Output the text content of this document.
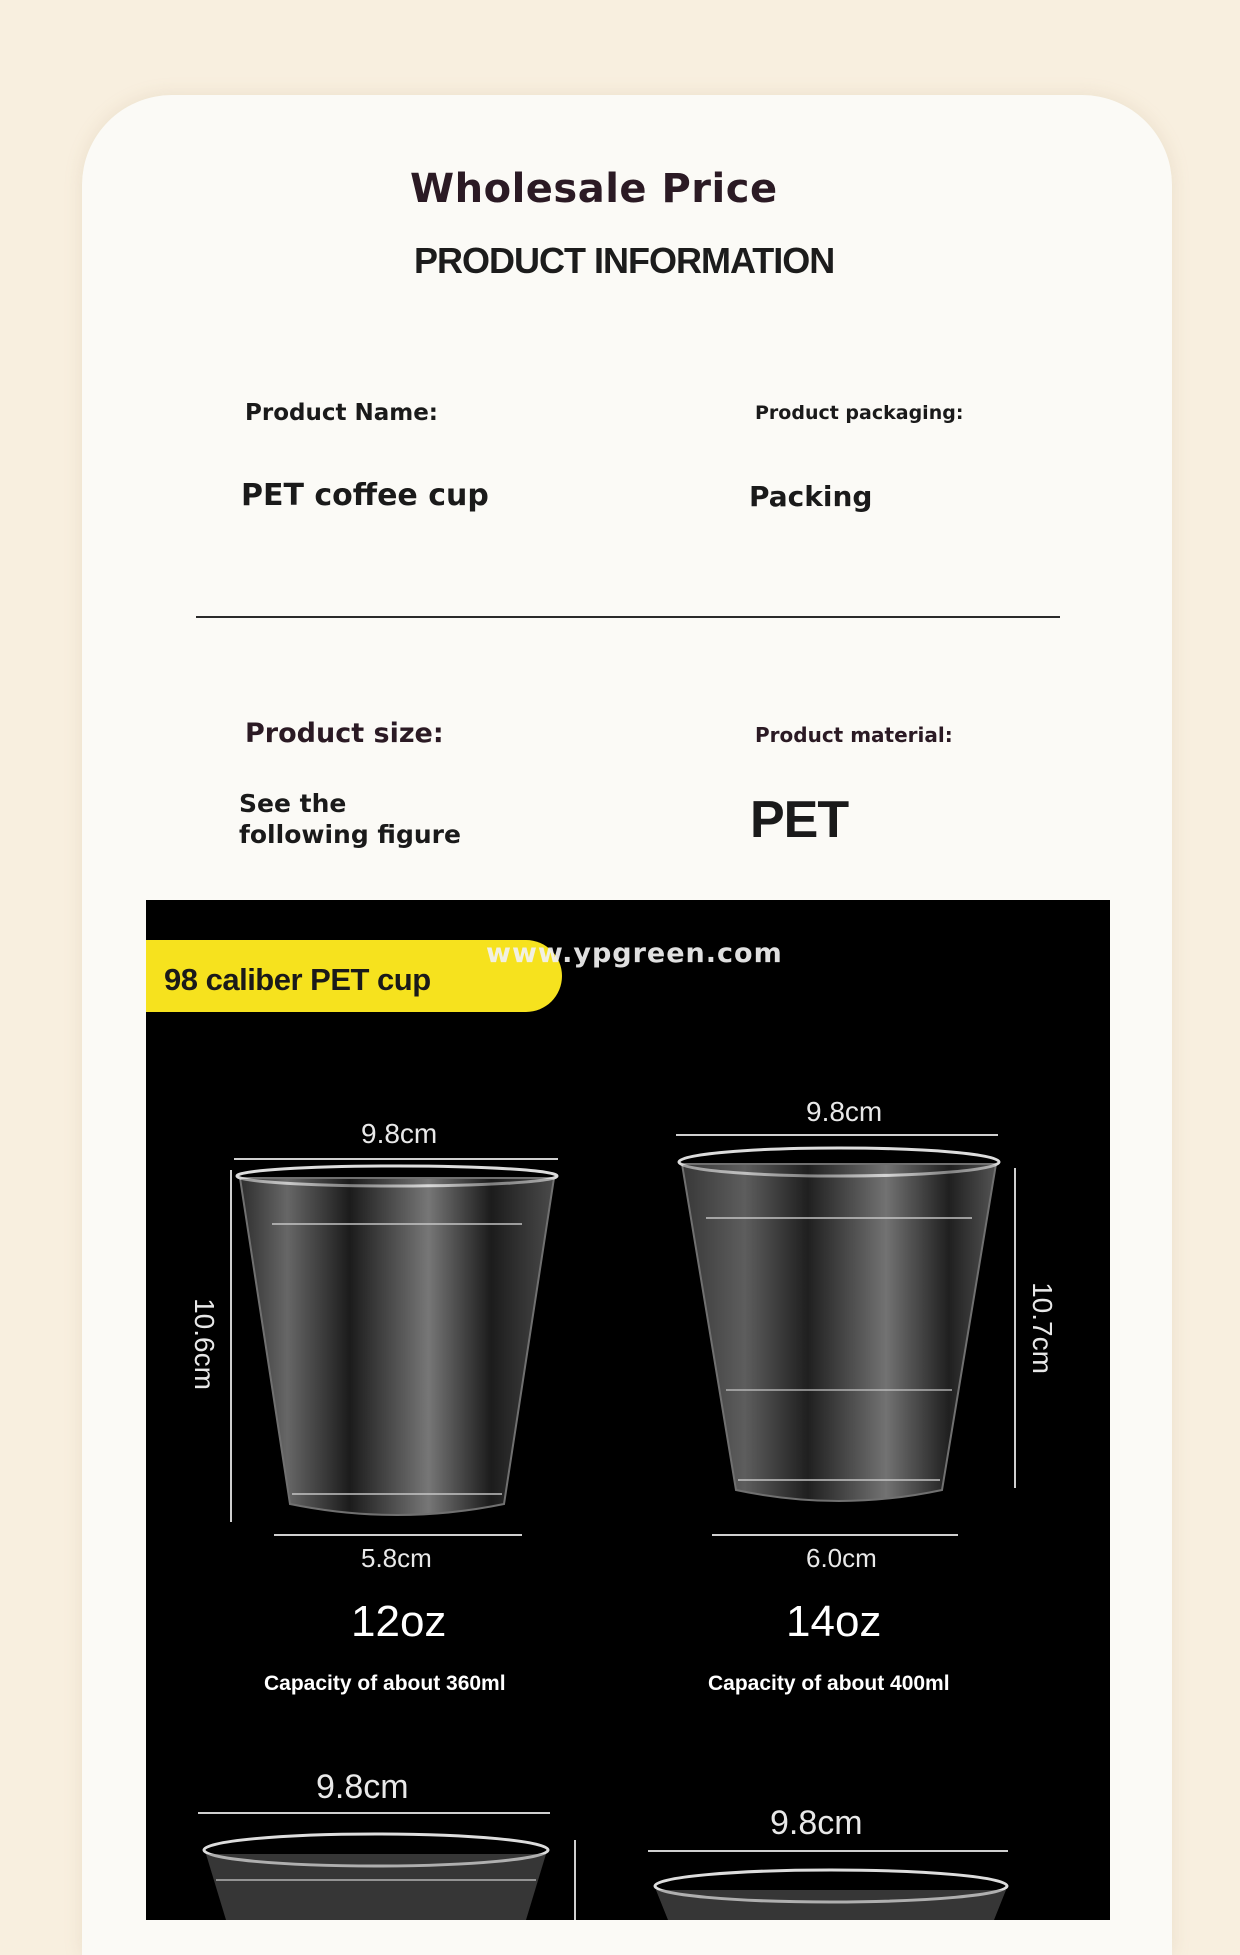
Wholesale Price
PRODUCT INFORMATION
Product Name:	Product packaging:
PET coffee cup	Packing
Product size:	Product material:
See the
following figure	PET
98 caliber PET cup
www.ypgreen.com
9.8cm
10.6cm
5.8cm
12oz
Capacity of about 360ml
9.8cm
10.7cm
6.0cm
14oz
Capacity of about 400ml
9.8cm
9.8cm
